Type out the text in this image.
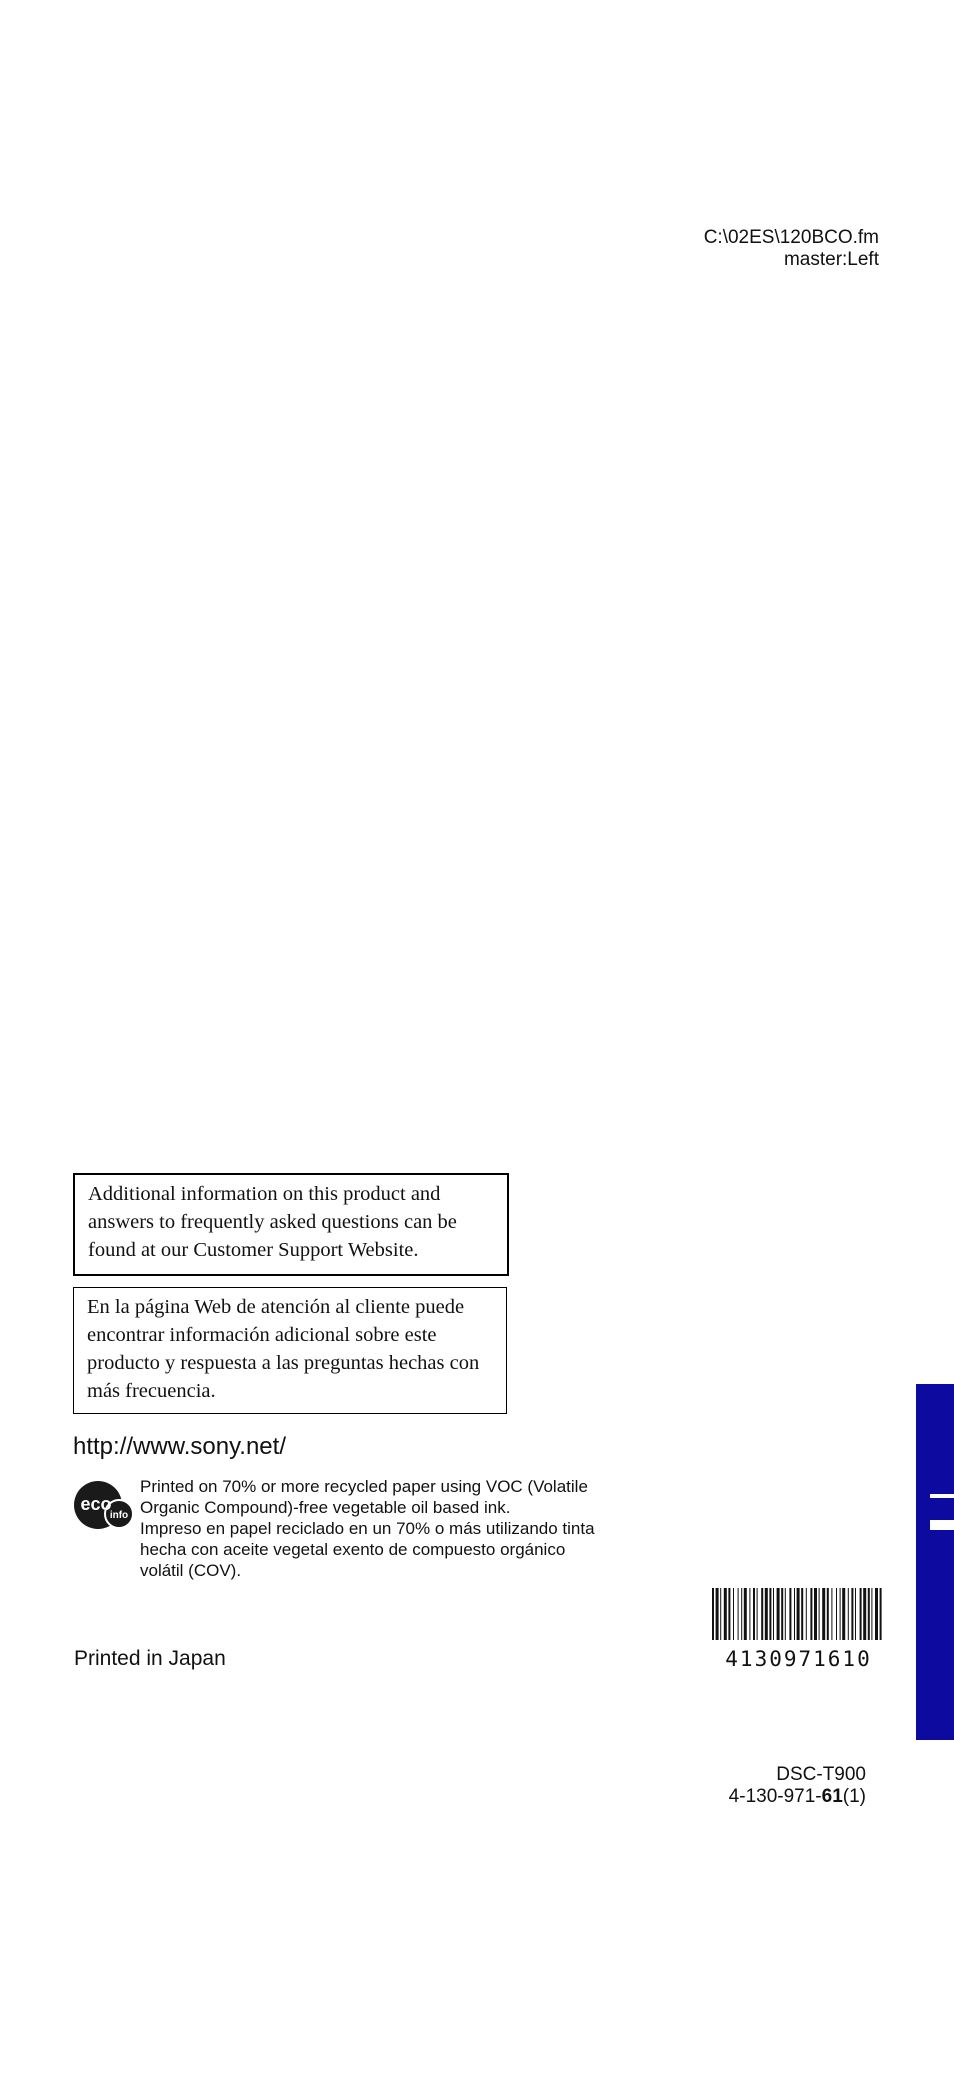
C:\02ES\120BCO.fm
master:Left
Additional information on this product and answers to frequently asked questions can be found at our Customer Support Website.
En la página Web de atención al cliente puede encontrar información adicional sobre este producto y respuesta a las preguntas hechas con más frecuencia.
http://www.sony.net/
eco
info
Printed on 70% or more recycled paper using VOC (Volatile Organic Compound)-free vegetable oil based ink.
Impreso en papel reciclado en un 70% o más utilizando tinta hecha con aceite vegetal exento de compuesto orgánico volátil (COV).
Printed in Japan	4130971610
DSC-T900
4-130-971-61(1)
